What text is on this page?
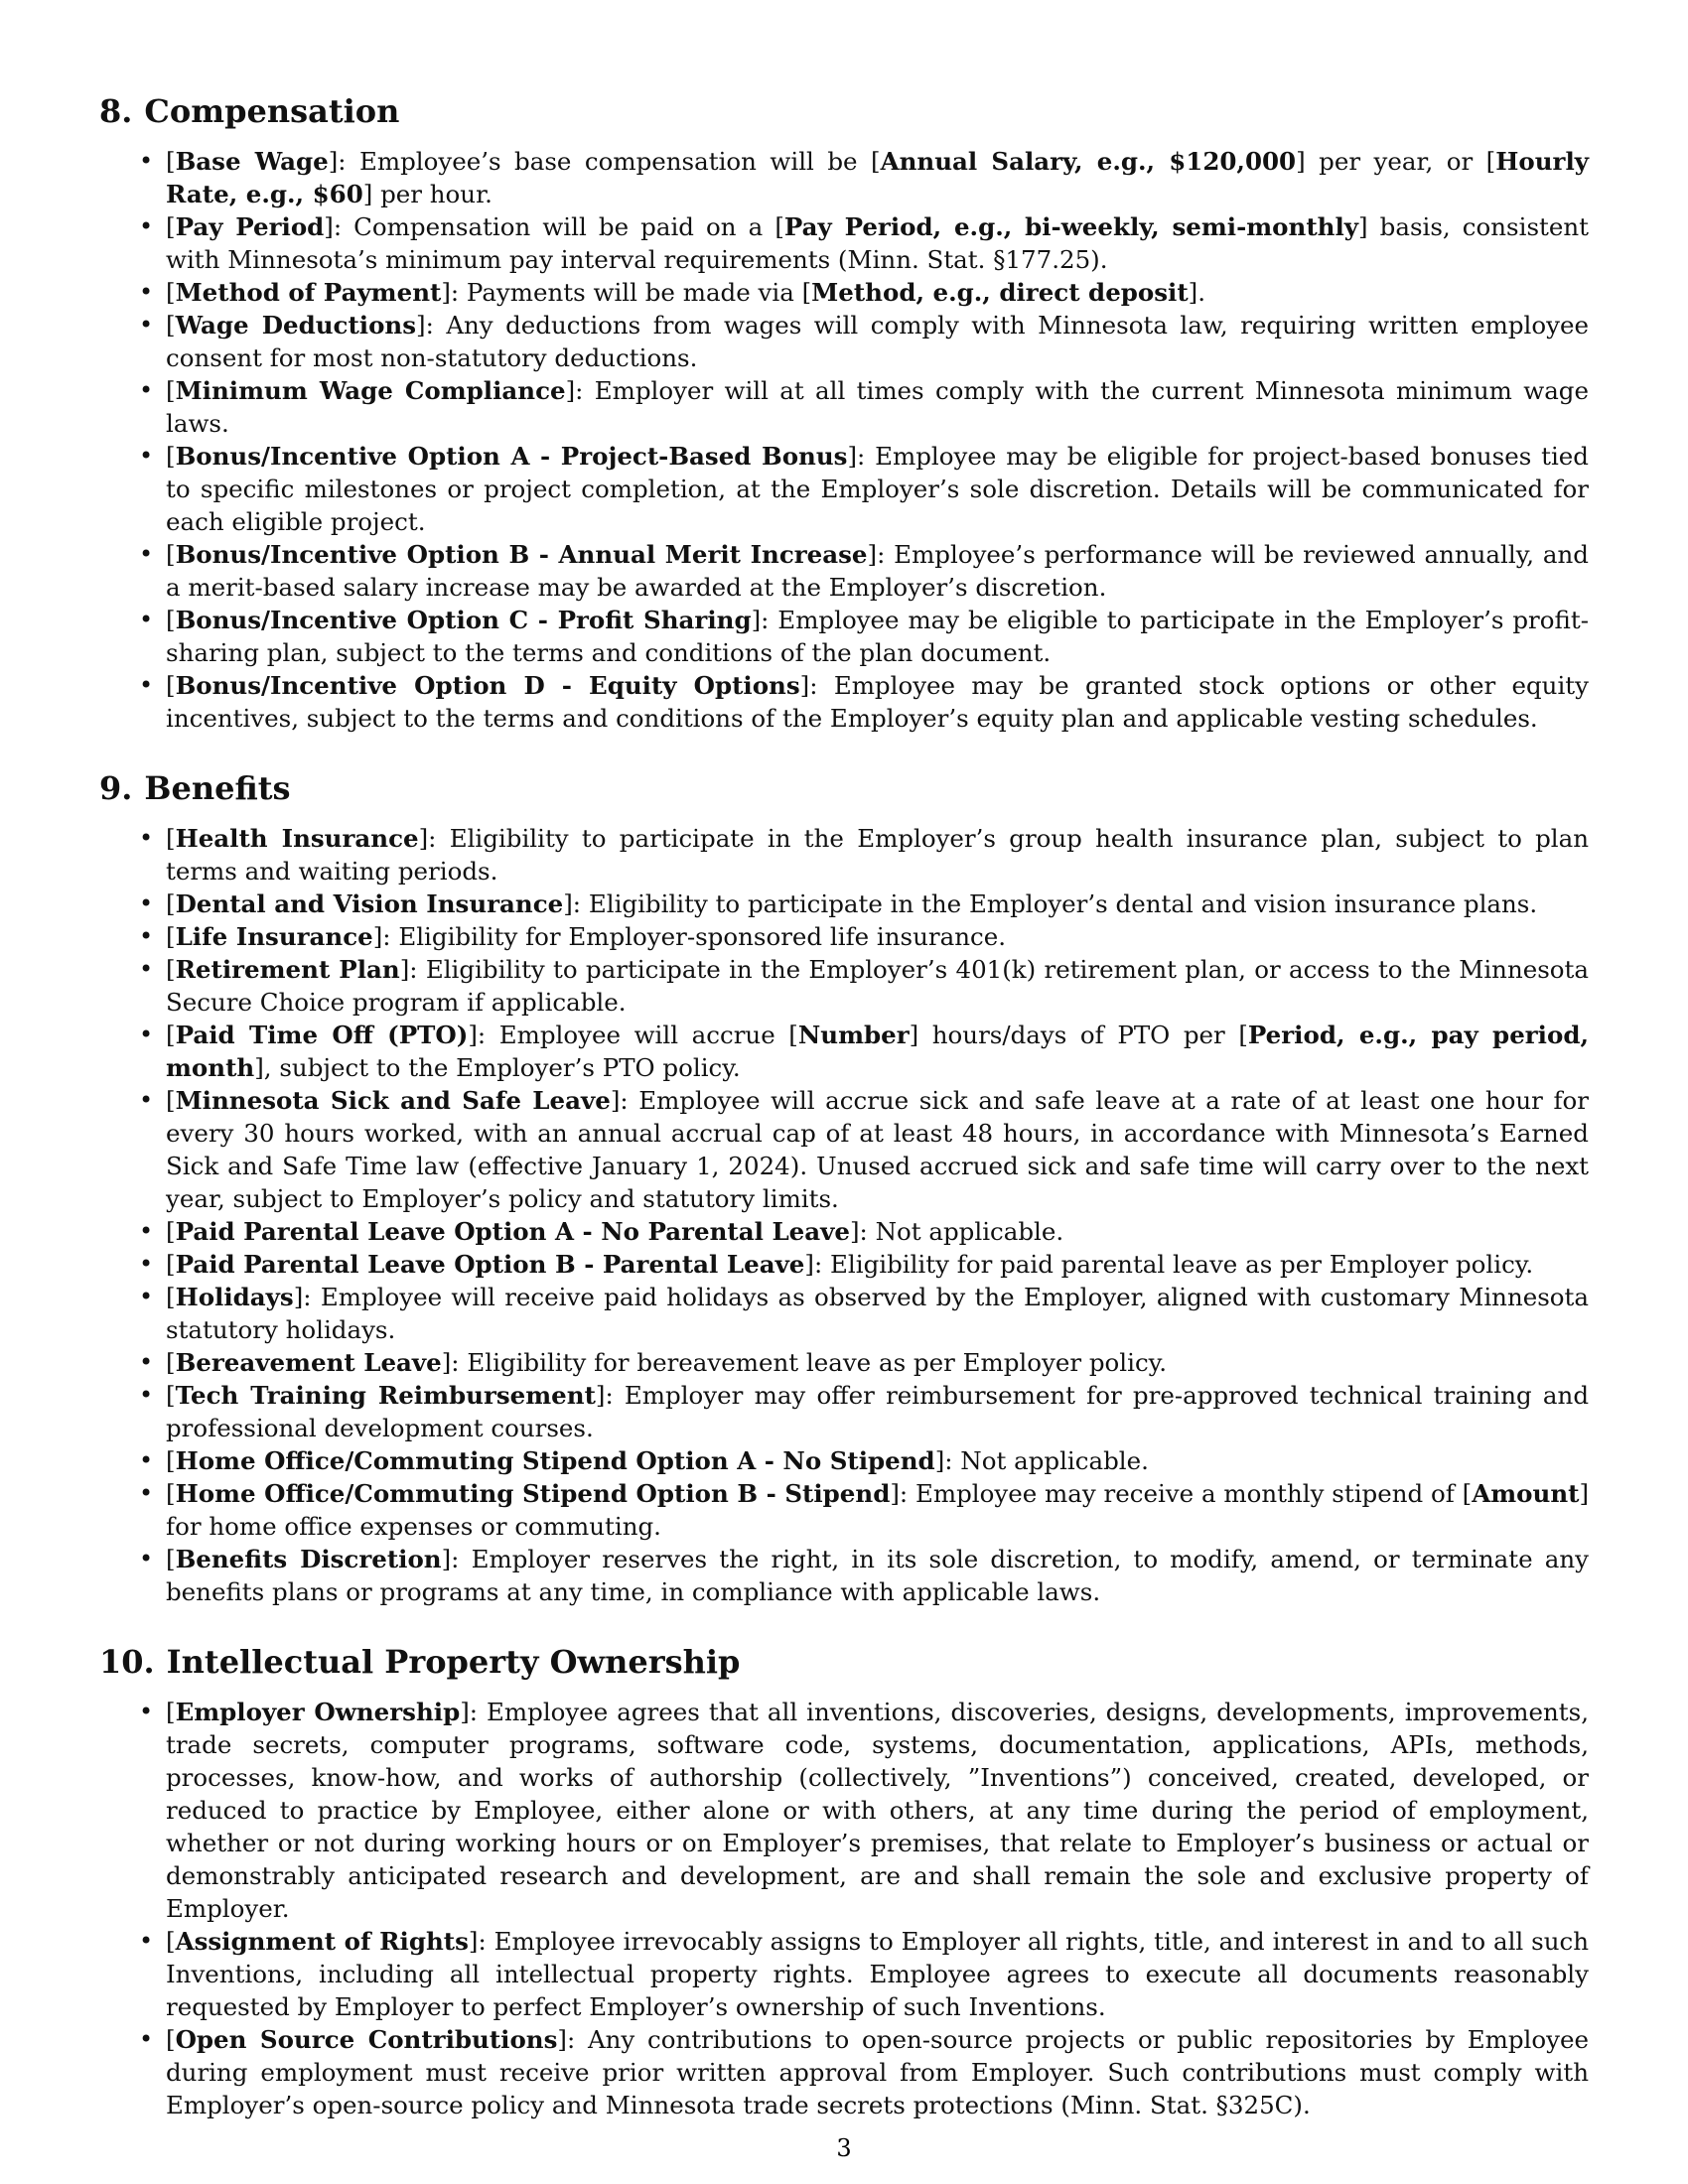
8. Compensation
• [Base Wage]: Employee’s base compensation will be [Annual Salary, e.g., $120,000] per year, or [Hourly Rate, e.g., $60] per hour.
• [Pay Period]: Compensation will be paid on a [Pay Period, e.g., bi-weekly, semi-monthly] basis, consistent with Minnesota’s minimum pay interval requirements (Minn. Stat. §177.25).
• [Method of Payment]: Payments will be made via [Method, e.g., direct deposit].
• [Wage Deductions]: Any deductions from wages will comply with Minnesota law, requiring written employee consent for most non-statutory deductions.
• [Minimum Wage Compliance]: Employer will at all times comply with the current Minnesota minimum wage laws.
• [Bonus/Incentive Option A - Project-Based Bonus]: Employee may be eligible for project-based bonuses tied to specific milestones or project completion, at the Employer’s sole discretion. Details will be communicated for each eligible project.
• [Bonus/Incentive Option B - Annual Merit Increase]: Employee’s performance will be reviewed annually, and a merit-based salary increase may be awarded at the Employer’s discretion.
• [Bonus/Incentive Option C - Profit Sharing]: Employee may be eligible to participate in the Employer’s profit-sharing plan, subject to the terms and conditions of the plan document.
• [Bonus/Incentive Option D - Equity Options]: Employee may be granted stock options or other equity incentives, subject to the terms and conditions of the Employer’s equity plan and applicable vesting schedules.
9. Benefits
• [Health Insurance]: Eligibility to participate in the Employer’s group health insurance plan, subject to plan terms and waiting periods.
• [Dental and Vision Insurance]: Eligibility to participate in the Employer’s dental and vision insurance plans.
• [Life Insurance]: Eligibility for Employer-sponsored life insurance.
• [Retirement Plan]: Eligibility to participate in the Employer’s 401(k) retirement plan, or access to the Minnesota Secure Choice program if applicable.
• [Paid Time Off (PTO)]: Employee will accrue [Number] hours/days of PTO per [Period, e.g., pay period, month], subject to the Employer’s PTO policy.
• [Minnesota Sick and Safe Leave]: Employee will accrue sick and safe leave at a rate of at least one hour for every 30 hours worked, with an annual accrual cap of at least 48 hours, in accordance with Minnesota’s Earned Sick and Safe Time law (effective January 1, 2024). Unused accrued sick and safe time will carry over to the next year, subject to Employer’s policy and statutory limits.
• [Paid Parental Leave Option A - No Parental Leave]: Not applicable.
• [Paid Parental Leave Option B - Parental Leave]: Eligibility for paid parental leave as per Employer policy.
• [Holidays]: Employee will receive paid holidays as observed by the Employer, aligned with customary Minnesota statutory holidays.
• [Bereavement Leave]: Eligibility for bereavement leave as per Employer policy.
• [Tech Training Reimbursement]: Employer may offer reimbursement for pre-approved technical training and professional development courses.
• [Home Office/Commuting Stipend Option A - No Stipend]: Not applicable.
• [Home Office/Commuting Stipend Option B - Stipend]: Employee may receive a monthly stipend of [Amount] for home office expenses or commuting.
• [Benefits Discretion]: Employer reserves the right, in its sole discretion, to modify, amend, or terminate any benefits plans or programs at any time, in compliance with applicable laws.
10. Intellectual Property Ownership
• [Employer Ownership]: Employee agrees that all inventions, discoveries, designs, developments, improvements, trade secrets, computer programs, software code, systems, documentation, applications, APIs, methods, processes, know-how, and works of authorship (collectively, ”Inventions”) conceived, created, developed, or reduced to practice by Employee, either alone or with others, at any time during the period of employment, whether or not during working hours or on Employer’s premises, that relate to Employer’s business or actual or demonstrably anticipated research and development, are and shall remain the sole and exclusive property of Employer.
• [Assignment of Rights]: Employee irrevocably assigns to Employer all rights, title, and interest in and to all such Inventions, including all intellectual property rights. Employee agrees to execute all documents reasonably requested by Employer to perfect Employer’s ownership of such Inventions.
• [Open Source Contributions]: Any contributions to open-source projects or public repositories by Employee during employment must receive prior written approval from Employer. Such contributions must comply with Employer’s open-source policy and Minnesota trade secrets protections (Minn. Stat. §325C).
3
